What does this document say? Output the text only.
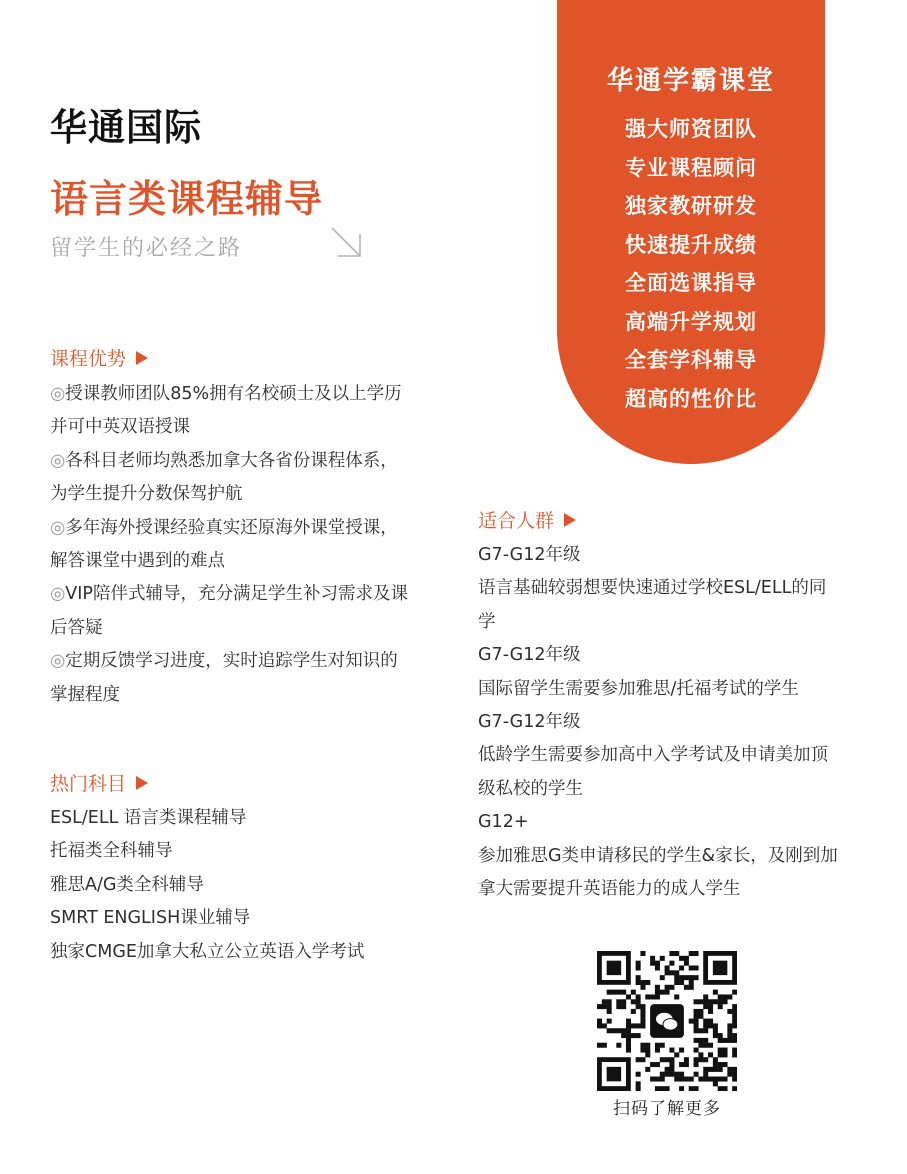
华通国际
语言类课程辅导
留学生的必经之路
华通学霸课堂
强大师资团队
专业课程顾问
独家教研研发
快速提升成绩
全面选课指导
高端升学规划
全套学科辅导
超高的性价比
课程优势

◎授课教师团队85%拥有名校硕士及以上学历并可中英双语授课

◎各科目老师均熟悉加拿大各省份课程体系，为学生提升分数保驾护航

◎多年海外授课经验真实还原海外课堂授课，解答课堂中遇到的难点

◎VIP陪伴式辅导，充分满足学生补习需求及课后答疑

◎定期反馈学习进度，实时追踪学生对知识的掌握程度

热门科目

ESL/ELL 语言类课程辅导

托福类全科辅导

雅思A/G类全科辅导

SMRT ENGLISH课业辅导

独家CMGE加拿大私立公立英语入学考试

适合人群

G7-G12年级

语言基础较弱想要快速通过学校ESL/ELL的同学

G7-G12年级

国际留学生需要参加雅思/托福考试的学生

G7-G12年级

低龄学生需要参加高中入学考试及申请美加顶级私校的学生

G12+

参加雅思G类申请移民的学生&家长，及刚到加拿大需要提升英语能力的成人学生

扫码了解更多
